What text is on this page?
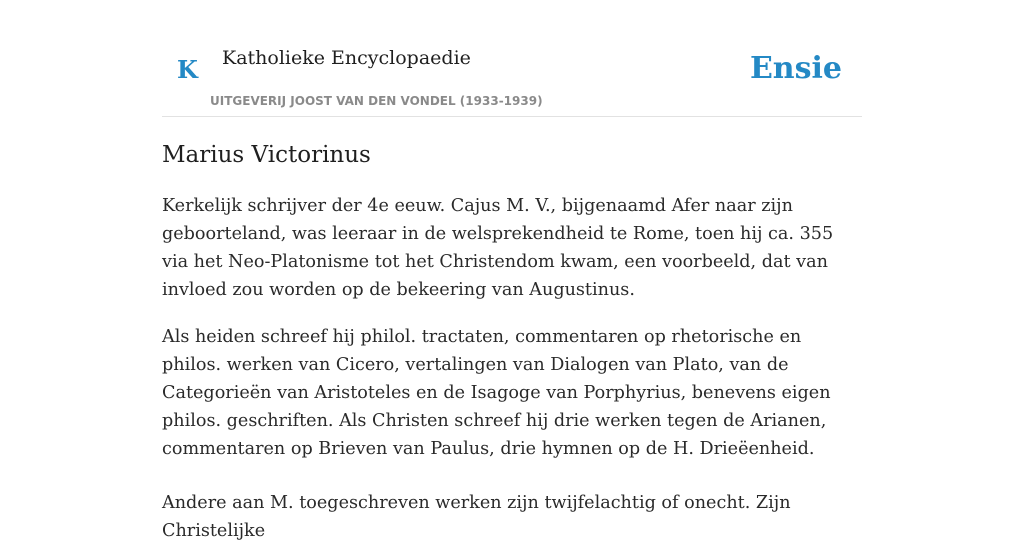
K Katholieke Encyclopaedie
UITGEVERIJ JOOST VAN DEN VONDEL (1933-1939)
Ensie
Marius Victorinus

Kerkelijk schrijver der 4e eeuw. Cajus M. V., bijgenaamd Afer naar zijn geboorteland, was leeraar in de welsprekendheid te Rome, toen hij ca. 355 via het Neo-Platonisme tot het Christendom kwam, een voorbeeld, dat van invloed zou worden op de bekeering van Augustinus.

Als heiden schreef hij philol. tractaten, commentaren op rhetorische en philos. werken van Cicero, vertalingen van Dialogen van Plato, van de Categorieën van Aristoteles en de Isagoge van Porphyrius, benevens eigen philos. geschriften. Als Christen schreef hij drie werken tegen de Arianen, commentaren op Brieven van Paulus, drie hymnen op de H. Drieëenheid.

Andere aan M. toegeschreven werken zijn twijfelachtig of onecht. Zijn Christelijke
